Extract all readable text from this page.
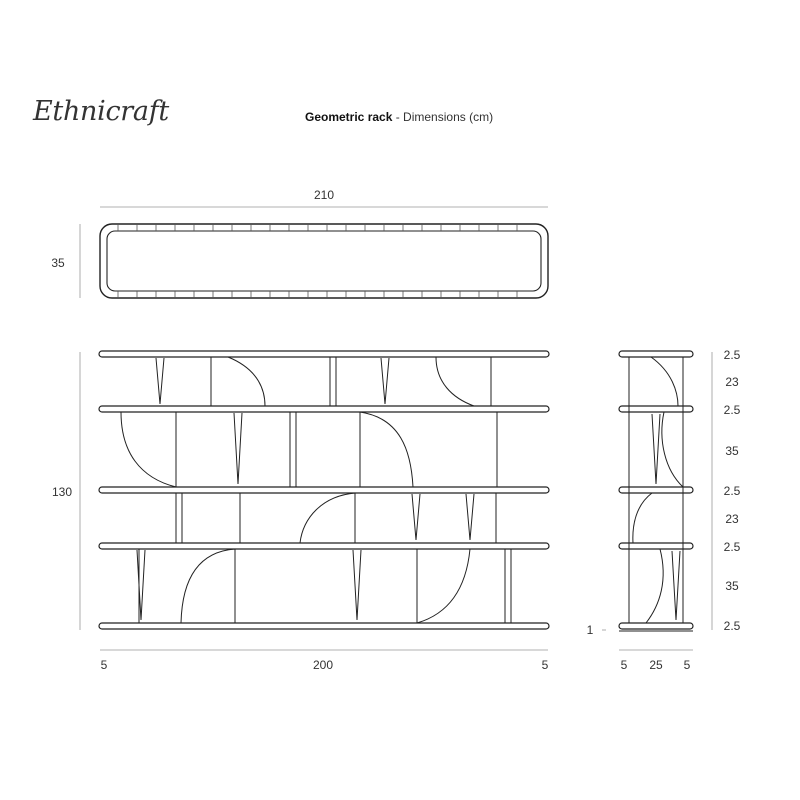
Ethnicraft	Geometric rack - Dimensions (cm)
210
35
130
5	200	5
2.5
23
2.5
35
2.5
23
2.5
35
2.5
1
5 25 5
